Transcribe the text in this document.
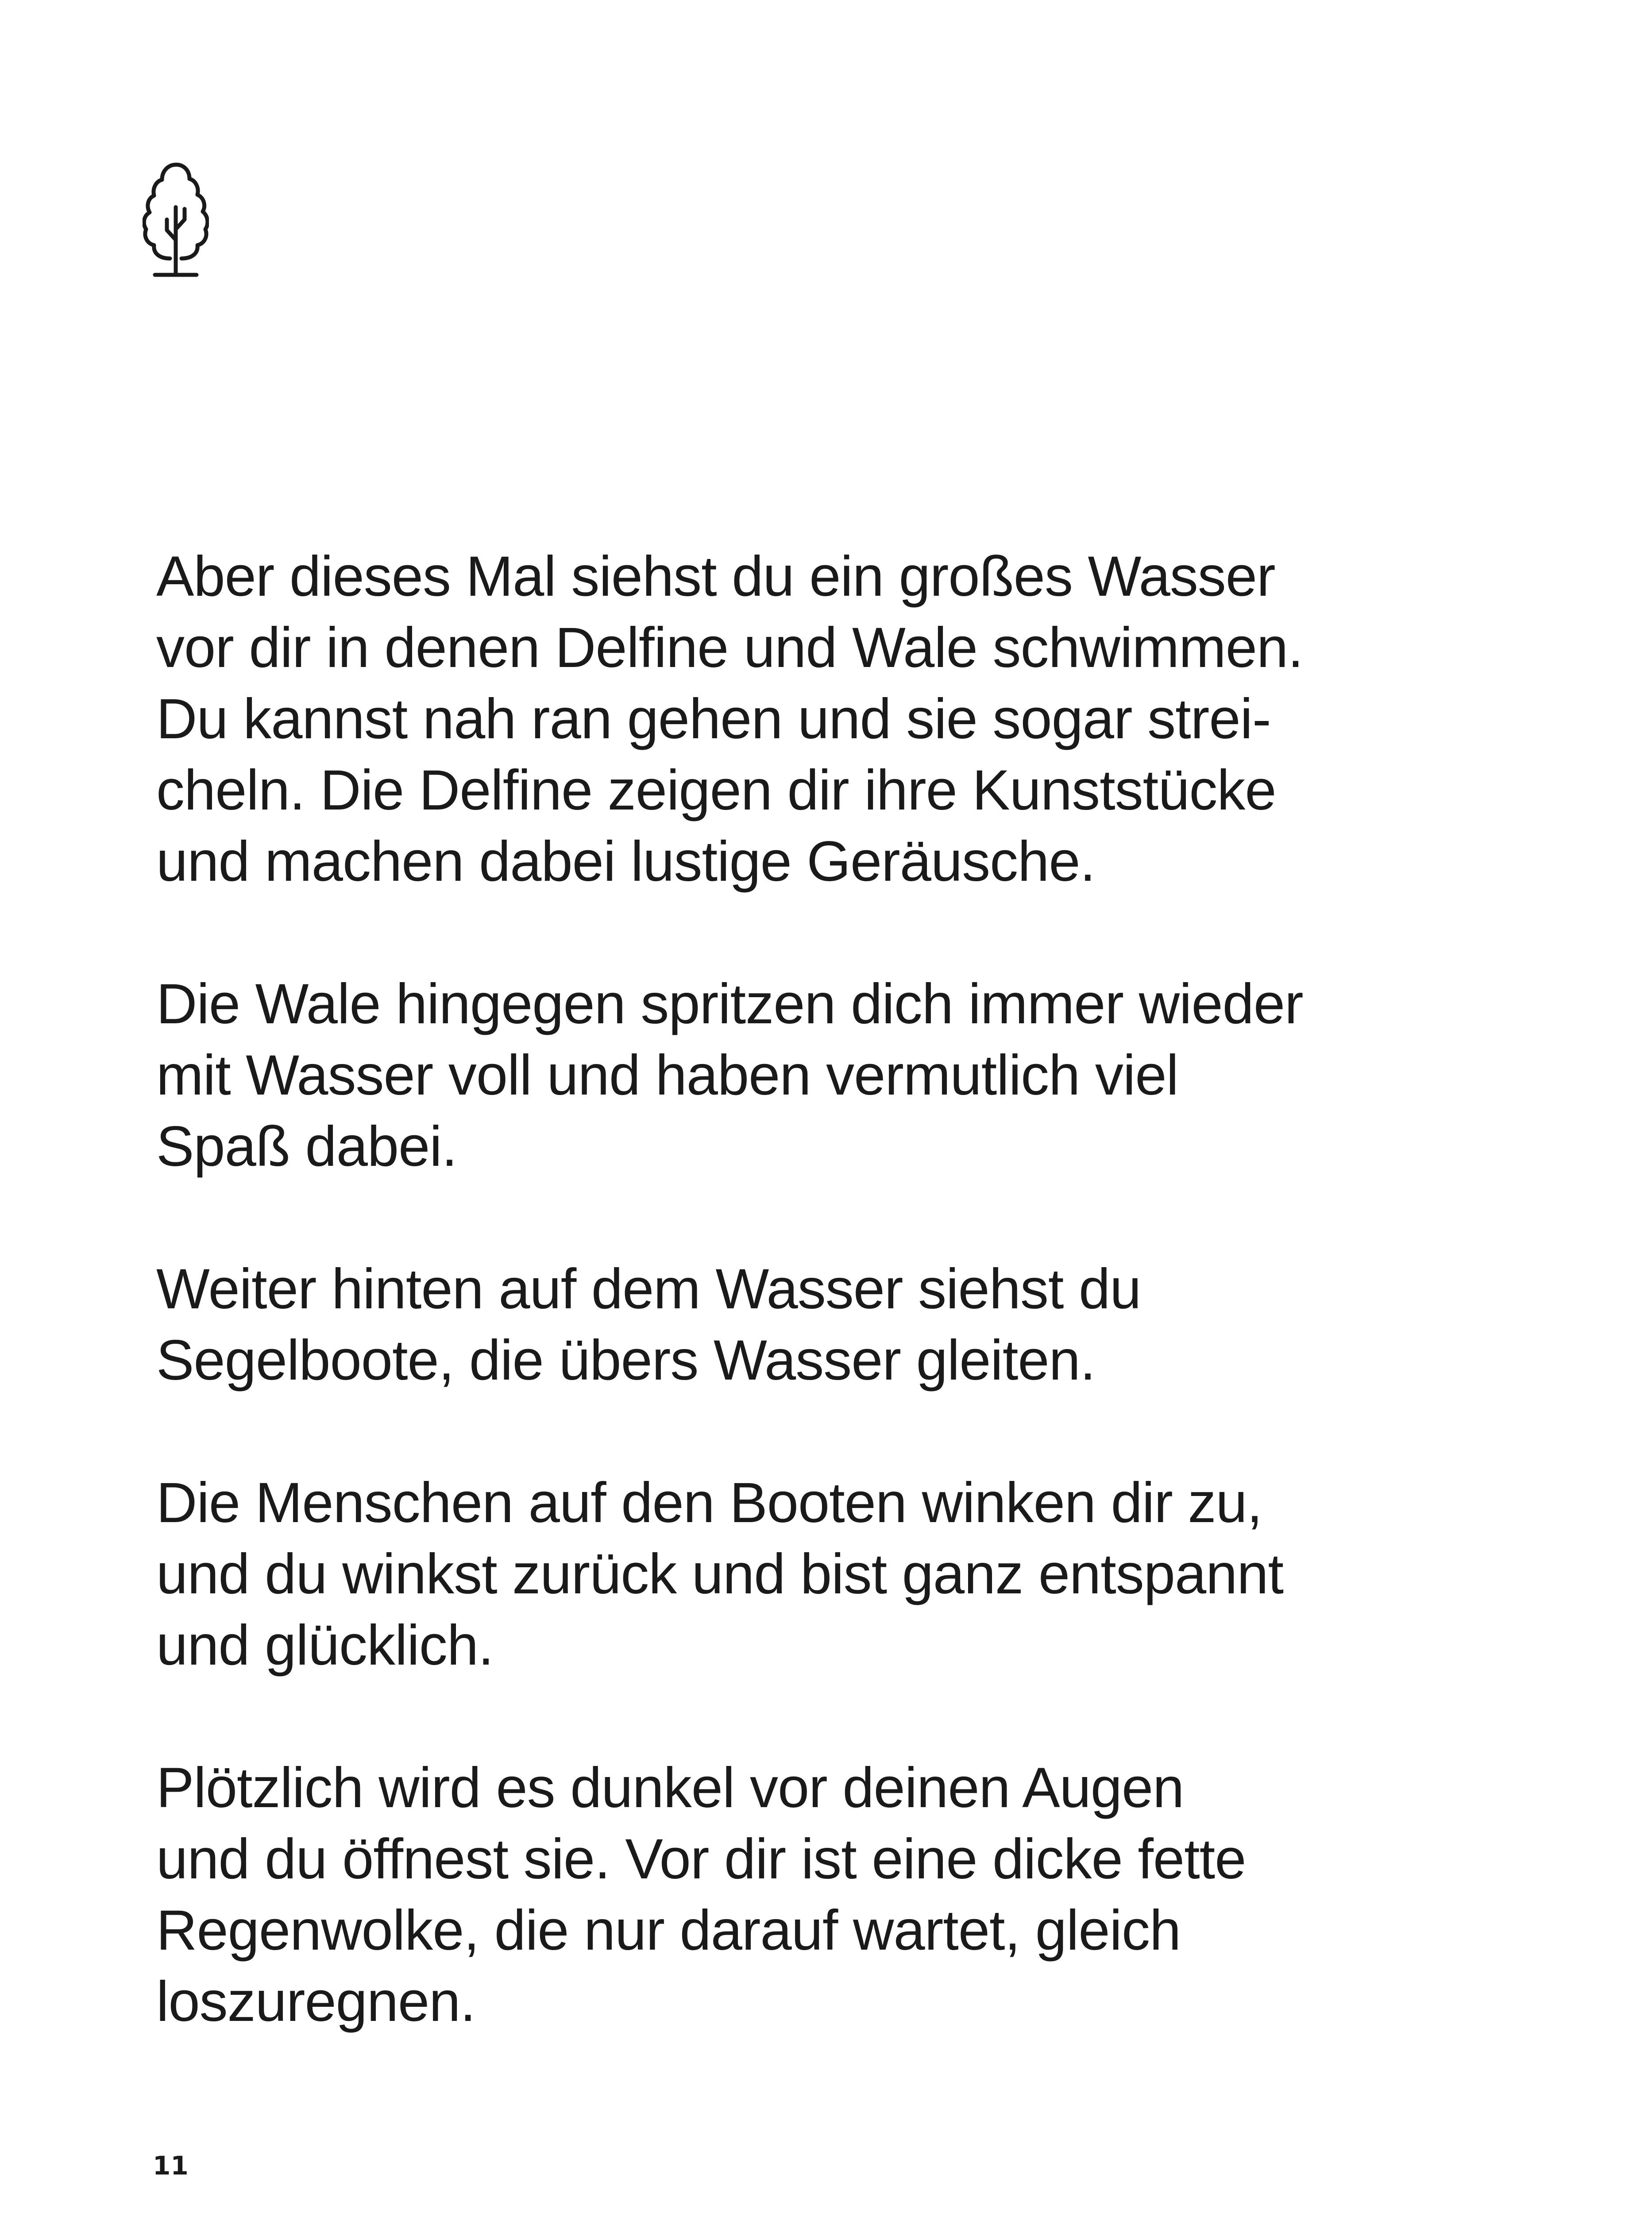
Aber dieses Mal siehst du ein großes Wasser
vor dir in denen Delfine und Wale schwimmen.
Du kannst nah ran gehen und sie sogar strei-
cheln. Die Delfine zeigen dir ihre Kunststücke
und machen dabei lustige Geräusche.

Die Wale hingegen spritzen dich immer wieder
mit Wasser voll und haben vermutlich viel
Spaß dabei.

Weiter hinten auf dem Wasser siehst du
Segelboote, die übers Wasser gleiten.

Die Menschen auf den Booten winken dir zu,
und du winkst zurück und bist ganz entspannt
und glücklich.

Plötzlich wird es dunkel vor deinen Augen
und du öffnest sie. Vor dir ist eine dicke fette
Regenwolke, die nur darauf wartet, gleich
loszuregnen.

11
